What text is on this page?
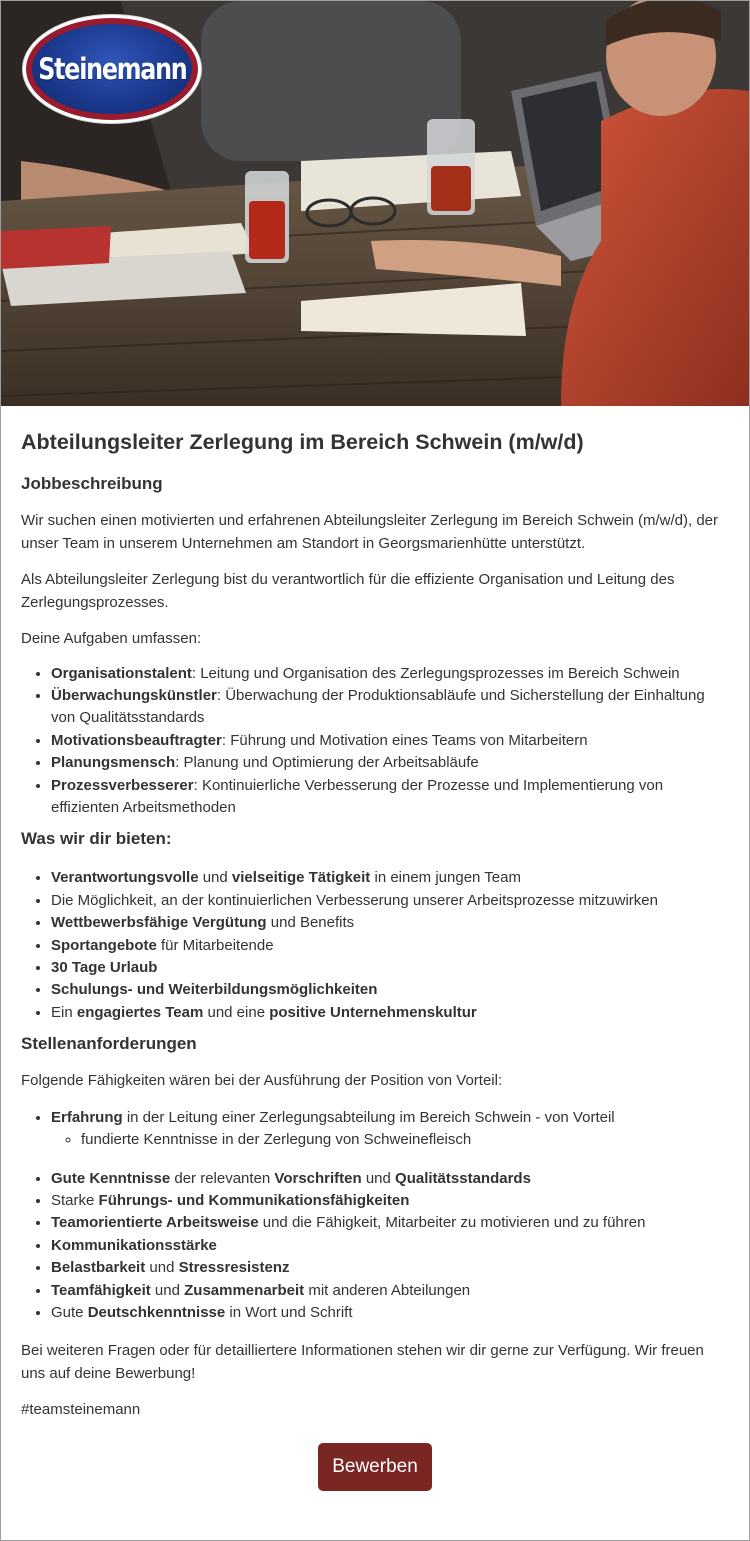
Steinemann
Abteilungsleiter Zerlegung im Bereich Schwein (m/w/d)
Jobbeschreibung

Wir suchen einen motivierten und erfahrenen Abteilungsleiter Zerlegung im Bereich Schwein (m/w/d), der unser Team in unserem Unternehmen am Standort in Georgsmarienhütte unterstützt.

Als Abteilungsleiter Zerlegung bist du verantwortlich für die effiziente Organisation und Leitung des Zerlegungsprozesses.

Deine Aufgaben umfassen:

• Organisationstalent: Leitung und Organisation des Zerlegungsprozesses im Bereich Schwein
• Überwachungskünstler: Überwachung der Produktionsabläufe und Sicherstellung der Einhaltung von Qualitätsstandards
• Motivationsbeauftragter: Führung und Motivation eines Teams von Mitarbeitern
• Planungsmensch: Planung und Optimierung der Arbeitsabläufe
• Prozessverbesserer: Kontinuierliche Verbesserung der Prozesse und Implementierung von effizienten Arbeitsmethoden
Was wir dir bieten:
• Verantwortungsvolle und vielseitige Tätigkeit in einem jungen Team
• Die Möglichkeit, an der kontinuierlichen Verbesserung unserer Arbeitsprozesse mitzuwirken
• Wettbewerbsfähige Vergütung und Benefits
• Sportangebote für Mitarbeitende
• 30 Tage Urlaub
• Schulungs- und Weiterbildungsmöglichkeiten
• Ein engagiertes Team und eine positive Unternehmenskultur
Stellenanforderungen

Folgende Fähigkeiten wären bei der Ausführung der Position von Vorteil:

• Erfahrung in der Leitung einer Zerlegungsabteilung im Bereich Schwein - von Vorteil
◦ fundierte Kenntnisse in der Zerlegung von Schweinefleisch
• Gute Kenntnisse der relevanten Vorschriften und Qualitätsstandards
• Starke Führungs- und Kommunikationsfähigkeiten
• Teamorientierte Arbeitsweise und die Fähigkeit, Mitarbeiter zu motivieren und zu führen
• Kommunikationsstärke
• Belastbarkeit und Stressresistenz
• Teamfähigkeit und Zusammenarbeit mit anderen Abteilungen
• Gute Deutschkenntnisse in Wort und Schrift

Bei weiteren Fragen oder für detailliertere Informationen stehen wir dir gerne zur Verfügung. Wir freuen uns auf deine Bewerbung!

#teamsteinemann

Bewerben
